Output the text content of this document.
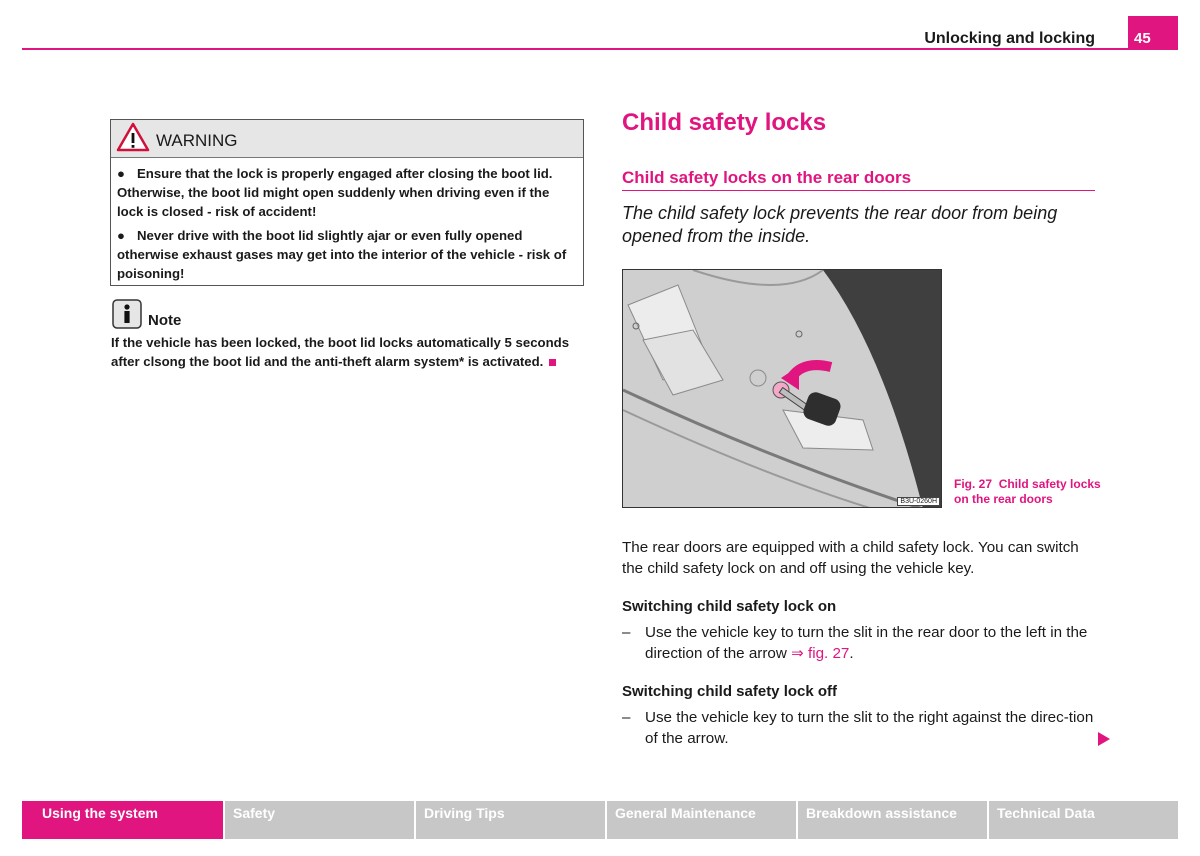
Unlocking and locking	45
WARNING
● Ensure that the lock is properly engaged after closing the boot lid. Otherwise, the boot lid might open suddenly when driving even if the lock is closed - risk of accident!
● Never drive with the boot lid slightly ajar or even fully opened otherwise exhaust gases may get into the interior of the vehicle - risk of poisoning!
Note
If the vehicle has been locked, the boot lid locks automatically 5 seconds after clsong the boot lid and the anti-theft alarm system* is activated.
Child safety locks
Child safety locks on the rear doors
The child safety lock prevents the rear door from being opened from the inside.
B3U-0260H
Fig. 27 Child safety locks on the rear doors
The rear doors are equipped with a child safety lock. You can switch the child safety lock on and off using the vehicle key.
Switching child safety lock on
– Use the vehicle key to turn the slit in the rear door to the left in the direction of the arrow ⇒ fig. 27.
Switching child safety lock off
– Use the vehicle key to turn the slit to the right against the direc-tion of the arrow.
Using the system	Safety	Driving Tips	General Maintenance	Breakdown assistance	Technical Data
